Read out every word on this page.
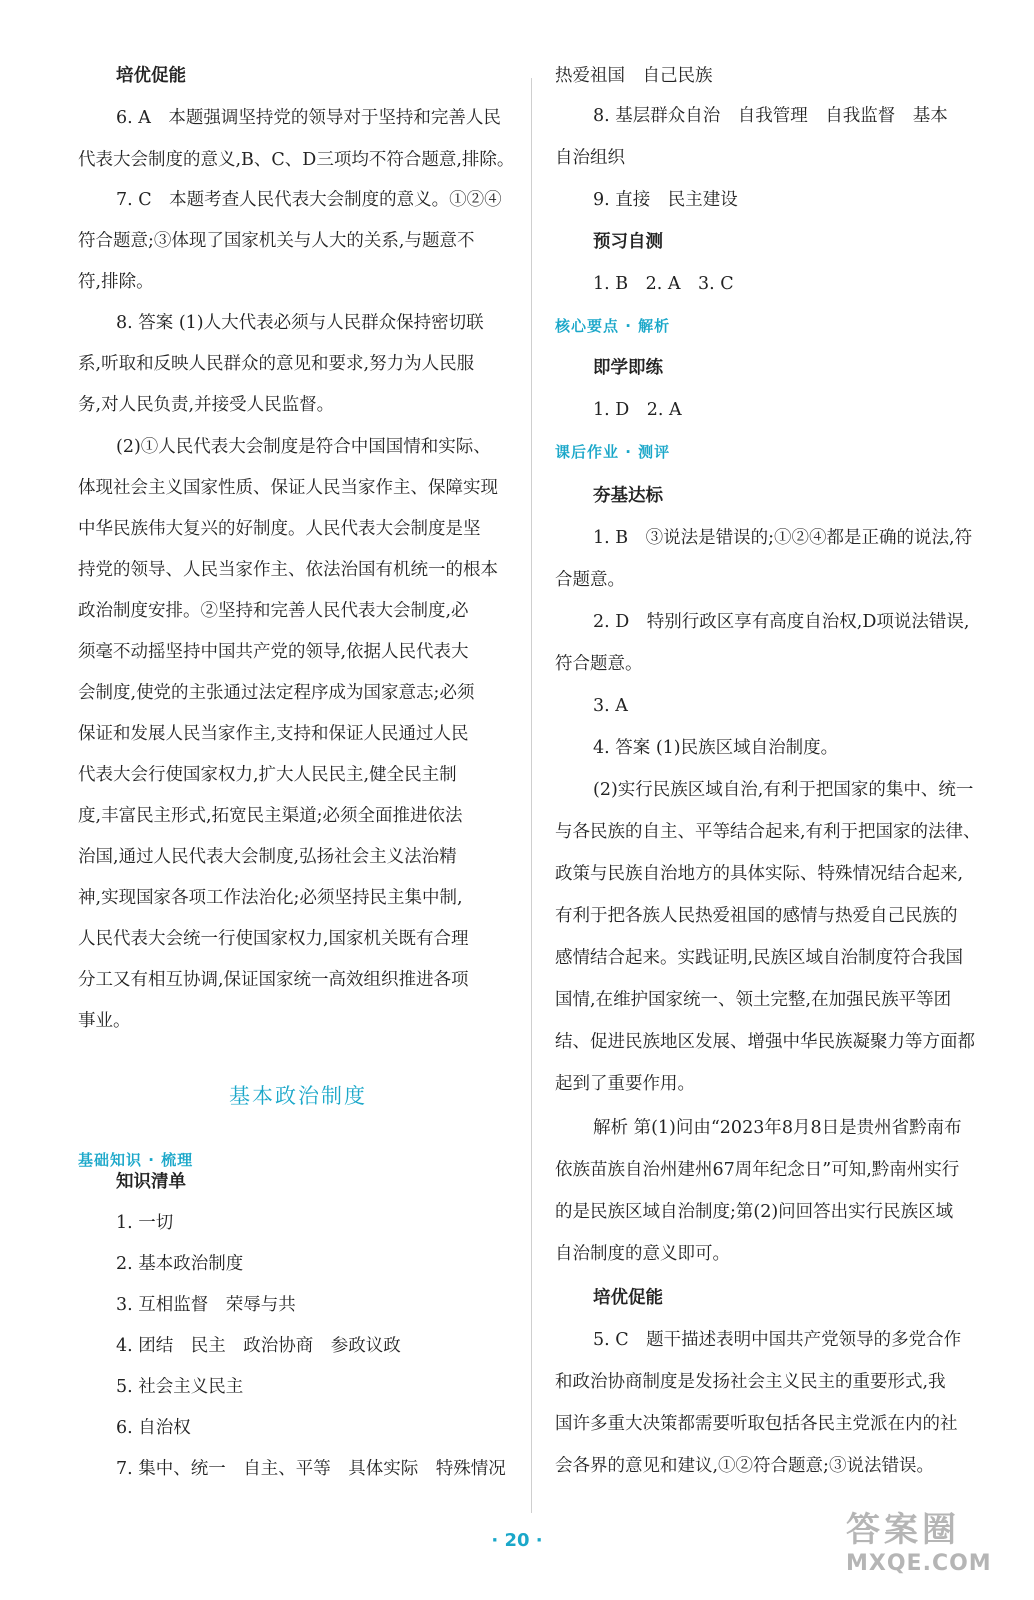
培优促能
6. A　本题强调坚持党的领导对于坚持和完善人民
代表大会制度的意义,B、C、D三项均不符合题意,排除。
7. C　本题考查人民代表大会制度的意义。①②④
符合题意;③体现了国家机关与人大的关系,与题意不
符,排除。
8. 答案 (1)人大代表必须与人民群众保持密切联
系,听取和反映人民群众的意见和要求,努力为人民服
务,对人民负责,并接受人民监督。
(2)①人民代表大会制度是符合中国国情和实际、
体现社会主义国家性质、保证人民当家作主、保障实现
中华民族伟大复兴的好制度。人民代表大会制度是坚
持党的领导、人民当家作主、依法治国有机统一的根本
政治制度安排。②坚持和完善人民代表大会制度,必
须毫不动摇坚持中国共产党的领导,依据人民代表大
会制度,使党的主张通过法定程序成为国家意志;必须
保证和发展人民当家作主,支持和保证人民通过人民
代表大会行使国家权力,扩大人民民主,健全民主制
度,丰富民主形式,拓宽民主渠道;必须全面推进依法
治国,通过人民代表大会制度,弘扬社会主义法治精
神,实现国家各项工作法治化;必须坚持民主集中制,
人民代表大会统一行使国家权力,国家机关既有合理
分工又有相互协调,保证国家统一高效组织推进各项
事业。
基本政治制度
基础知识 · 梳理
知识清单
1. 一切
2. 基本政治制度
3. 互相监督　荣辱与共
4. 团结　民主　政治协商　参政议政
5. 社会主义民主
6. 自治权
7. 集中、统一　自主、平等　具体实际　特殊情况
热爱祖国　自己民族
8. 基层群众自治　自我管理　自我监督　基本
自治组织
9. 直接　民主建设
预习自测
1. B　2. A　3. C
核心要点 · 解析
即学即练
1. D　2. A
课后作业 · 测评
夯基达标
1. B　③说法是错误的;①②④都是正确的说法,符
合题意。
2. D　特别行政区享有高度自治权,D项说法错误,
符合题意。
3. A
4. 答案 (1)民族区域自治制度。
(2)实行民族区域自治,有利于把国家的集中、统一
与各民族的自主、平等结合起来,有利于把国家的法律、
政策与民族自治地方的具体实际、特殊情况结合起来,
有利于把各族人民热爱祖国的感情与热爱自己民族的
感情结合起来。实践证明,民族区域自治制度符合我国
国情,在维护国家统一、领土完整,在加强民族平等团
结、促进民族地区发展、增强中华民族凝聚力等方面都
起到了重要作用。
解析 第(1)问由“2023年8月8日是贵州省黔南布
依族苗族自治州建州67周年纪念日”可知,黔南州实行
的是民族区域自治制度;第(2)问回答出实行民族区域
自治制度的意义即可。
培优促能
5. C　题干描述表明中国共产党领导的多党合作
和政治协商制度是发扬社会主义民主的重要形式,我
国许多重大决策都需要听取包括各民主党派在内的社
会各界的意见和建议,①②符合题意;③说法错误。
· 20 ·	答案圈
MXQE.COM
